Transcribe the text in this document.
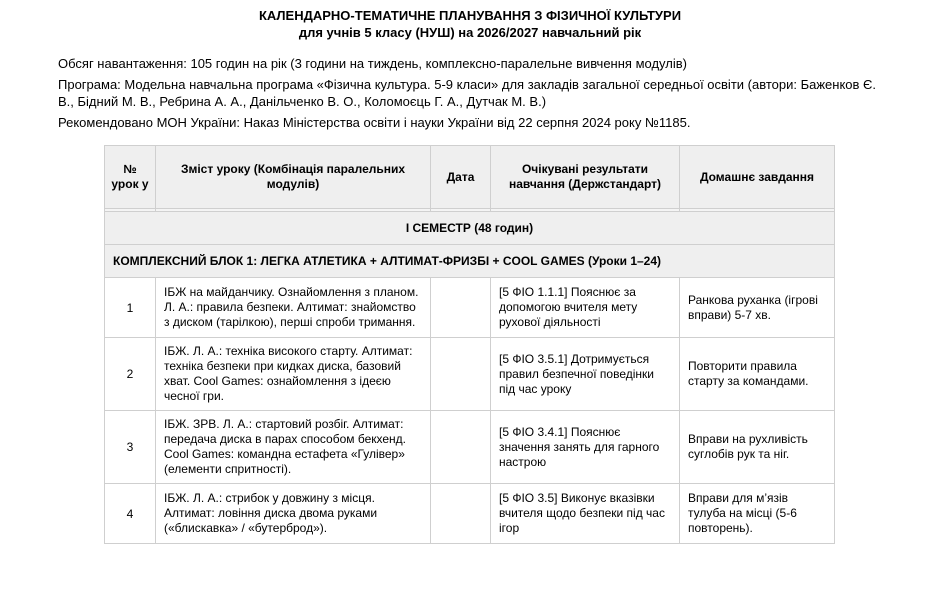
КАЛЕНДАРНО-ТЕМАТИЧНЕ ПЛАНУВАННЯ З ФІЗИЧНОЇ КУЛЬТУРИ
для учнів 5 класу (НУШ) на 2026/2027 навчальний рік
Обсяг навантаження: 105 годин на рік (3 години на тиждень, комплексно-паралельне вивчення модулів)
Програма: Модельна навчальна програма «Фізична культура. 5-9 класи» для закладів загальної середньої освіти (автори: Баженков Є. В., Бідний М. В., Ребрина А. А., Данільченко В. О., Коломоєць Г. А., Дутчак М. В.)
Рекомендовано МОН України: Наказ Міністерства освіти і науки України від 22 серпня 2024 року №1185.
№ урок у	Зміст уроку (Комбінація паралельних модулів)	Дата	Очікувані результати навчання (Держстандарт)	Домашнє завдання

І СЕМЕСТР (48 годин)				
КОМПЛЕКСНИЙ БЛОК 1: ЛЕГКА АТЛЕТИКА + АЛТИМАТ-ФРИЗБІ + COOL GAMES (Уроки 1–24)				
1	ІБЖ на майданчику. Ознайомлення з планом. Л. А.: правила безпеки. Алтимат: знайомство з диском (тарілкою), перші спроби тримання.		[5 ФІО 1.1.1] Пояснює за допомогою вчителя мету рухової діяльності	Ранкова руханка (ігрові вправи) 5-7 хв.
2	ІБЖ. Л. А.: техніка високого старту. Алтимат: техніка безпеки при кидках диска, базовий хват. Cool Games: ознайомлення з ідеєю чесної гри.		[5 ФІО 3.5.1] Дотримується правил безпечної поведінки під час уроку	Повторити правила старту за командами.
3	ІБЖ. ЗРВ. Л. А.: стартовий розбіг. Алтимат: передача диска в парах способом бекхенд. Cool Games: командна естафета «Гулівер» (елементи спритності).		[5 ФІО 3.4.1] Пояснює значення занять для гарного настрою	Вправи на рухливість суглобів рук та ніг.
4	ІБЖ. Л. А.: стрибок у довжину з місця. Алтимат: ловіння диска двома руками («блискавка» / «бутерброд»).		[5 ФІО 3.5] Виконує вказівки вчителя щодо безпеки під час ігор	Вправи для м’язів тулуба на місці (5-6 повторень).
